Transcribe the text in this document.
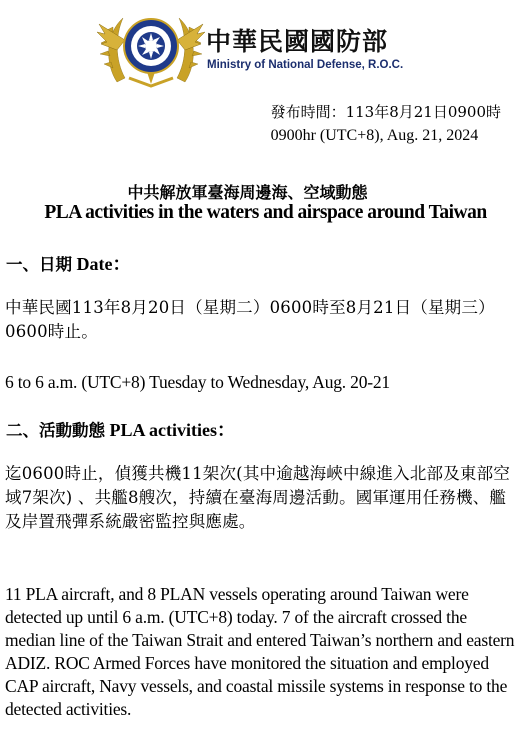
中華民國國防部
Ministry of National Defense, R.O.C.
發布時間：113年8月21日0900時
0900hr (UTC+8), Aug. 21, 2024
中共解放軍臺海周邊海、空域動態
PLA activities in the waters and airspace around Taiwan
一、日期 Date：
中華民國113年8月20日（星期二）0600時至8月21日（星期三）0600時止。
6 to 6 a.m. (UTC+8) Tuesday to Wednesday, Aug. 20-21
二、活動動態 PLA activities：
迄0600時止，偵獲共機11架次(其中逾越海峽中線進入北部及東部空域7架次) 、共艦8艘次，持續在臺海周邊活動。國軍運用任務機、艦及岸置飛彈系統嚴密監控與應處。
11 PLA aircraft, and 8 PLAN vessels operating around Taiwan were detected up until 6 a.m. (UTC+8) today. 7 of the aircraft crossed the median line of the Taiwan Strait and entered Taiwan’s northern and eastern ADIZ. ROC Armed Forces have monitored the situation and employed CAP aircraft, Navy vessels, and coastal missile systems in response to the detected activities.
